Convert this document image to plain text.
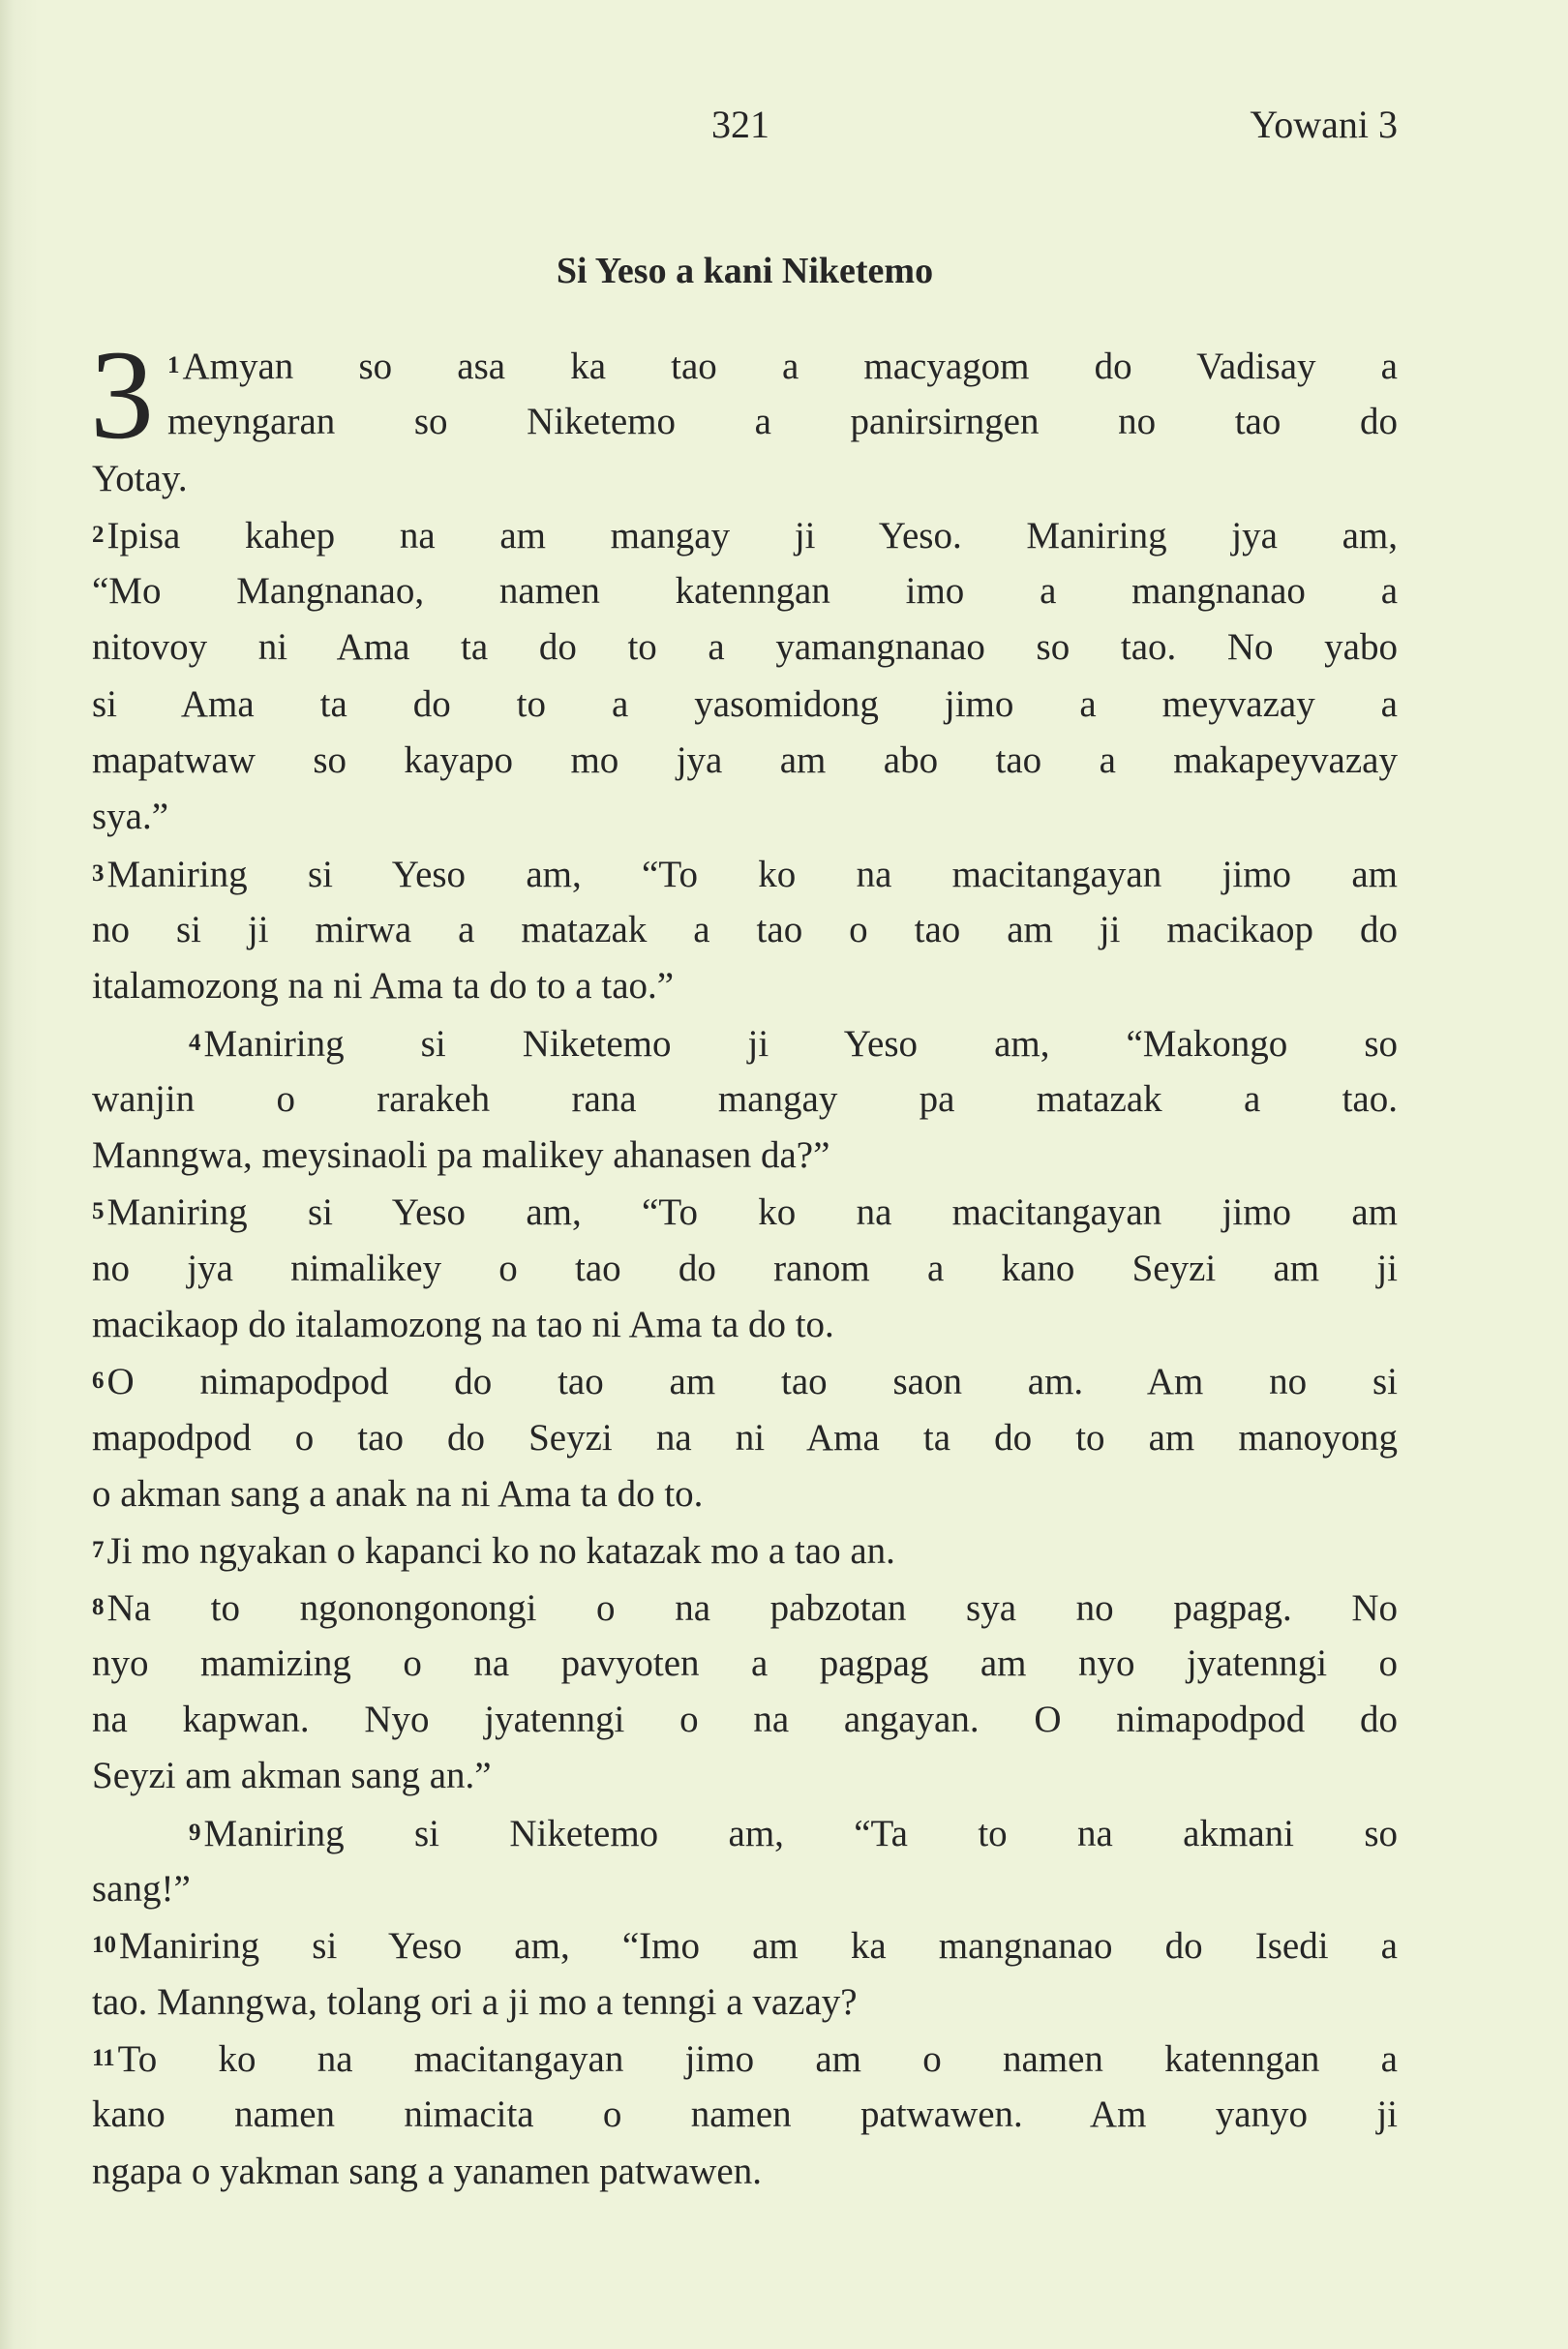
321	Yowani 3
Si Yeso a kani Niketemo
3 1Amyan so asa ka tao a macyagom do Vadisay a
meyngaran so Niketemo a panirsirngen no tao do
Yotay.
2Ipisa kahep na am mangay ji Yeso. Maniring jya am,
“Mo Mangnanao, namen katenngan imo a mangnanao a
nitovoy ni Ama ta do to a yamangnanao so tao. No yabo
si Ama ta do to a yasomidong jimo a meyvazay a
mapatwaw so kayapo mo jya am abo tao a makapeyvazay
sya.”
3Maniring si Yeso am, “To ko na macitangayan jimo am
no si ji mirwa a matazak a tao o tao am ji macikaop do
italamozong na ni Ama ta do to a tao.”
4Maniring si Niketemo ji Yeso am, “Makongo so
wanjin o rarakeh rana mangay pa matazak a tao.
Manngwa, meysinaoli pa malikey ahanasen da?”
5Maniring si Yeso am, “To ko na macitangayan jimo am
no jya nimalikey o tao do ranom a kano Seyzi am ji
macikaop do italamozong na tao ni Ama ta do to.
6O nimapodpod do tao am tao saon am. Am no si
mapodpod o tao do Seyzi na ni Ama ta do to am manoyong
o akman sang a anak na ni Ama ta do to.
7Ji mo ngyakan o kapanci ko no katazak mo a tao an.
8Na to ngonongonongi o na pabzotan sya no pagpag. No
nyo mamizing o na pavyoten a pagpag am nyo jyatenngi o
na kapwan. Nyo jyatenngi o na angayan. O nimapodpod do
Seyzi am akman sang an.”
9Maniring si Niketemo am, “Ta to na akmani so
sang!”
10Maniring si Yeso am, “Imo am ka mangnanao do Isedi a
tao. Manngwa, tolang ori a ji mo a tenngi a vazay?
11To ko na macitangayan jimo am o namen katenngan a
kano namen nimacita o namen patwawen. Am yanyo ji
ngapa o yakman sang a yanamen patwawen.
